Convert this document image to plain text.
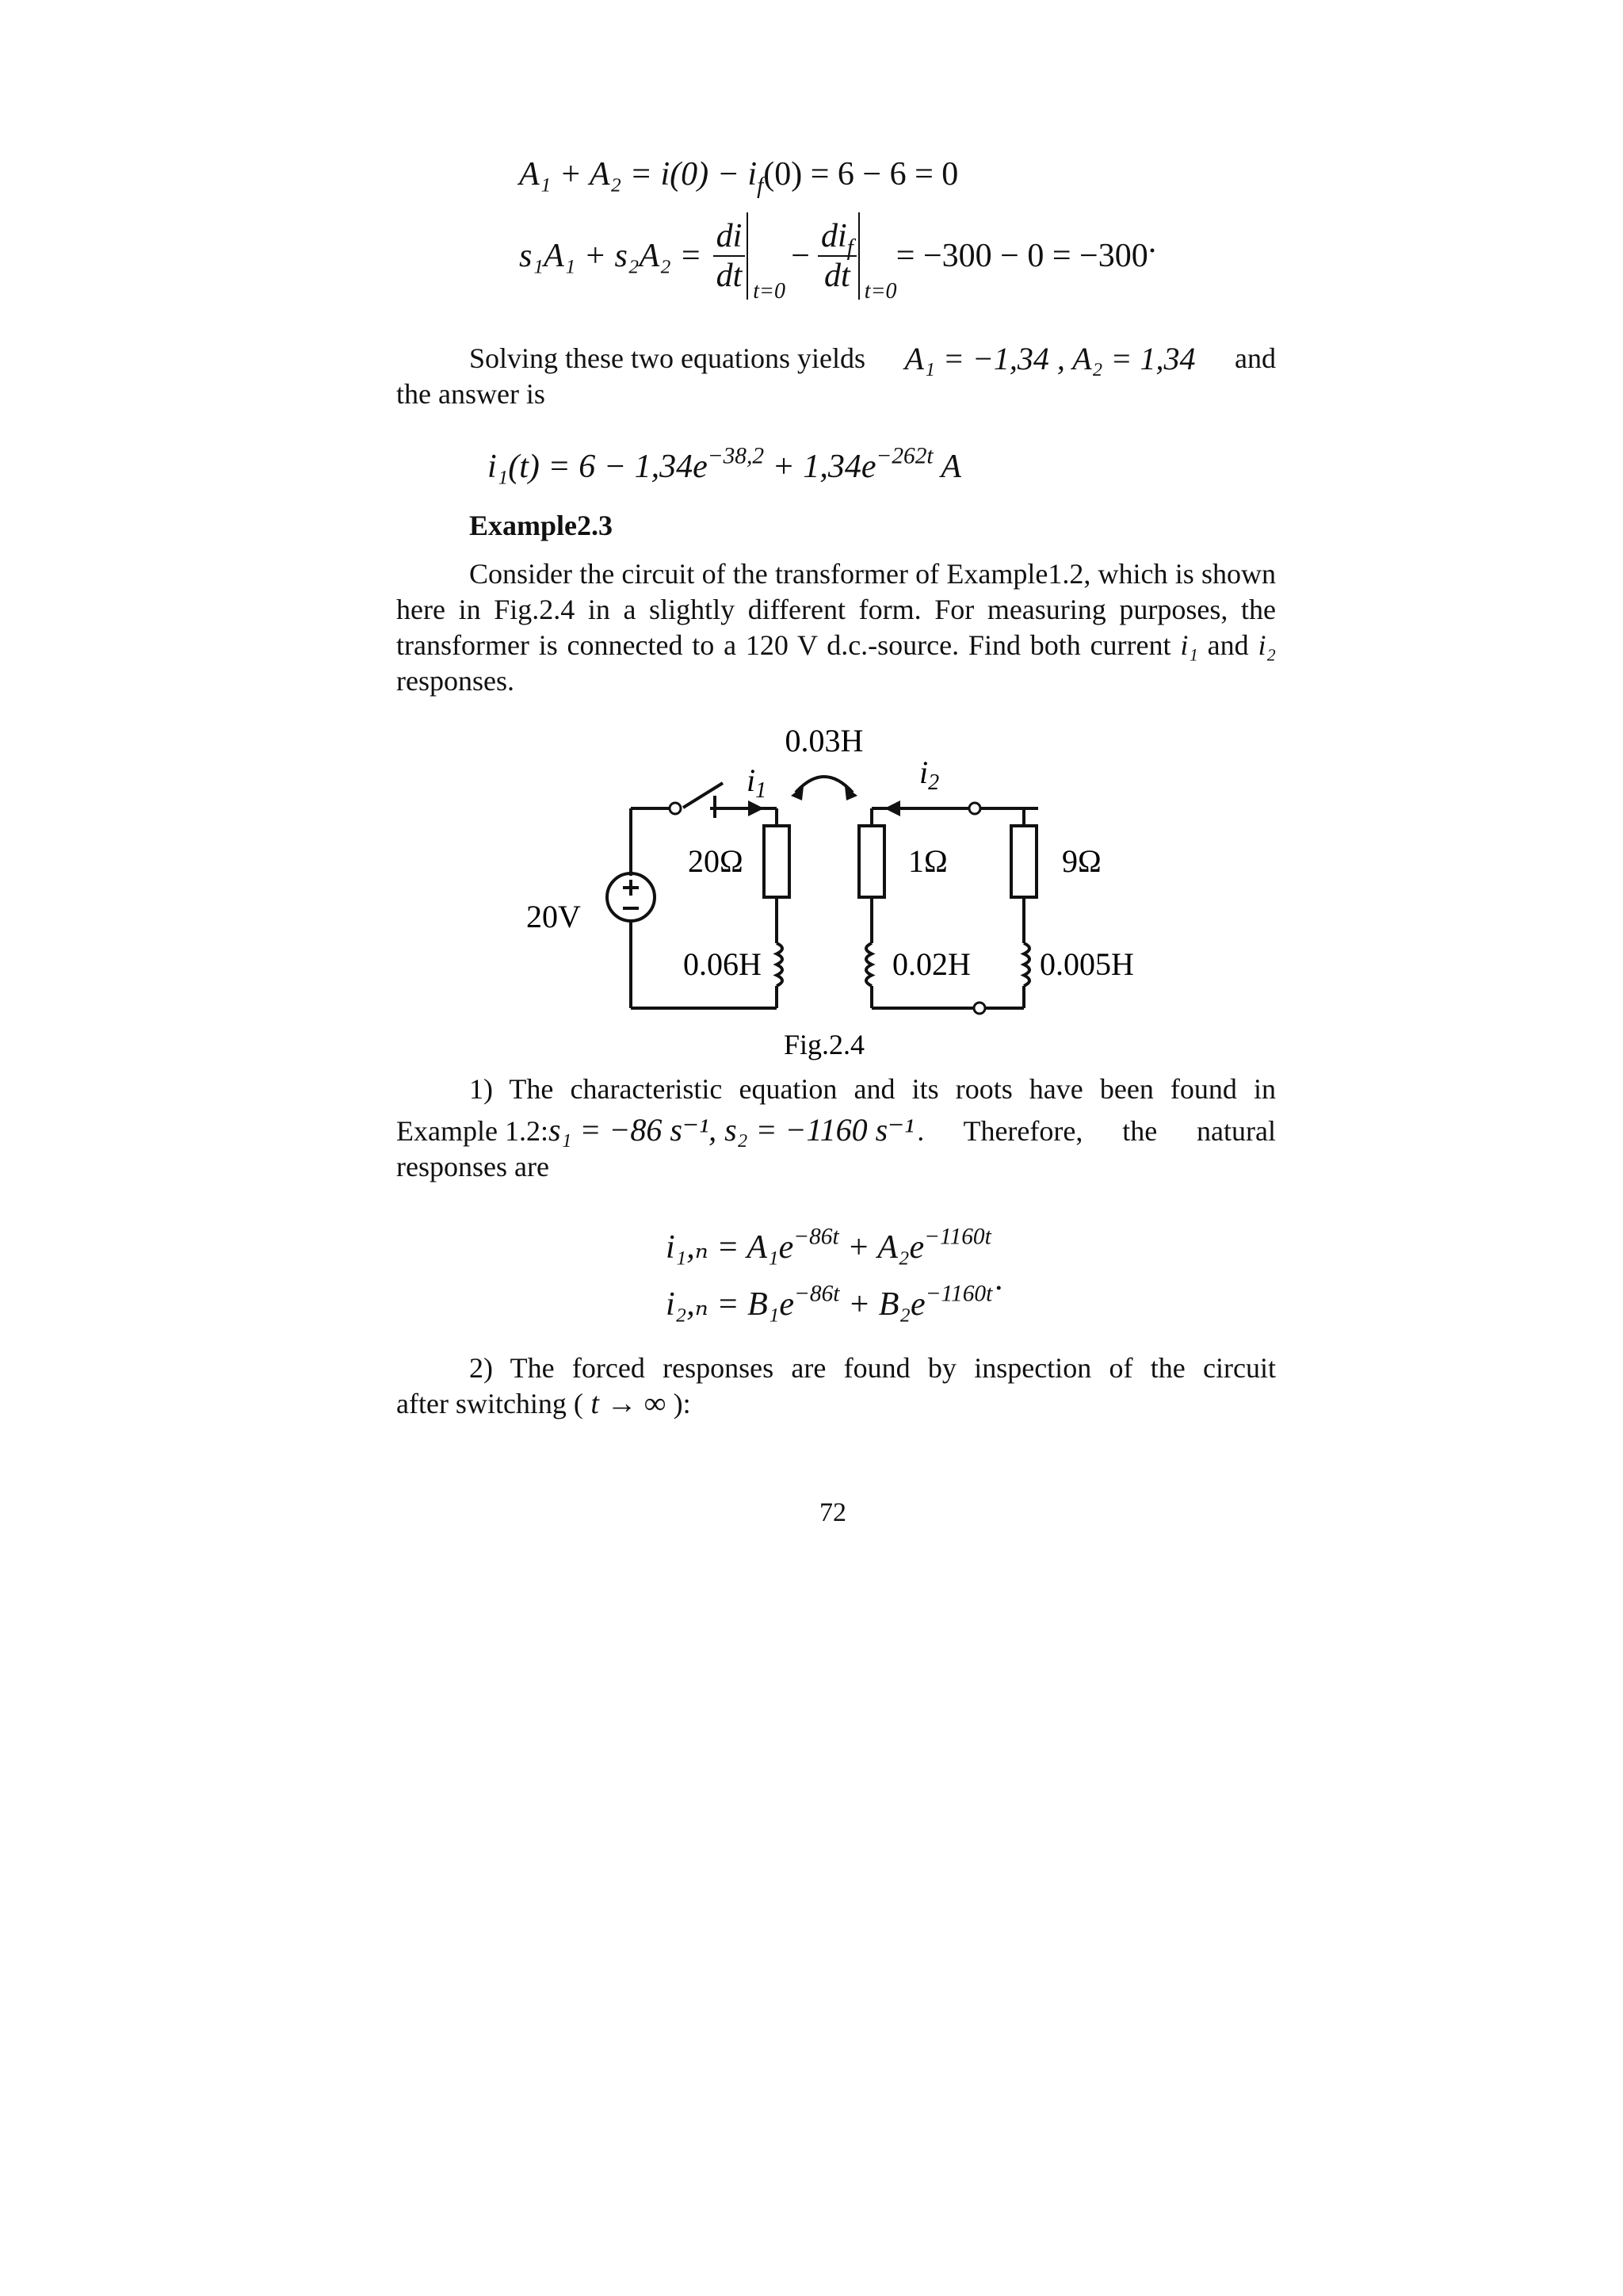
$A_1 + A_2 = i(0) - i_f(0) = 6 - 6 = 0$
$s_1A_1 + s_2A_2 = \frac{di}{dt} t=0$
− $\frac{di_f}{dt} t=0$
= −300 − 0 = −300 .
Solving these two equations yields A₁ = −1,34 , A₂ = 1,34 and
the answer is
$i_1(t) = 6 - 1,34e^{-38,2} + 1,34e^{-262t}$ A
Example2.3
Consider the circuit of the transformer of Example1.2, which is shown here in Fig.2.4 in a slightly different form. For measuring purposes, the transformer is connected to a 120 V d.c.-source. Find both current i₁ and i₂ responses.
0.03H
$i_1$
$i_2$
20Ω	1Ω	9Ω
20V
0.06H	0.02H 0.005H
Fig.2.4
1) The characteristic equation and its roots have been found in
Example 1.2: s₁ = −86 s⁻¹, s₂ = −1160 s⁻¹ . Therefore, the natural
responses are
$i_1,_n = A_1e^{-86t} + A_2e^{-1160t}$
$i_2,_n = B_1e^{-86t} + B_2e^{-1160t}$ .
2) The forced responses are found by inspection of the circuit
after switching ( t → ∞ ):
72
